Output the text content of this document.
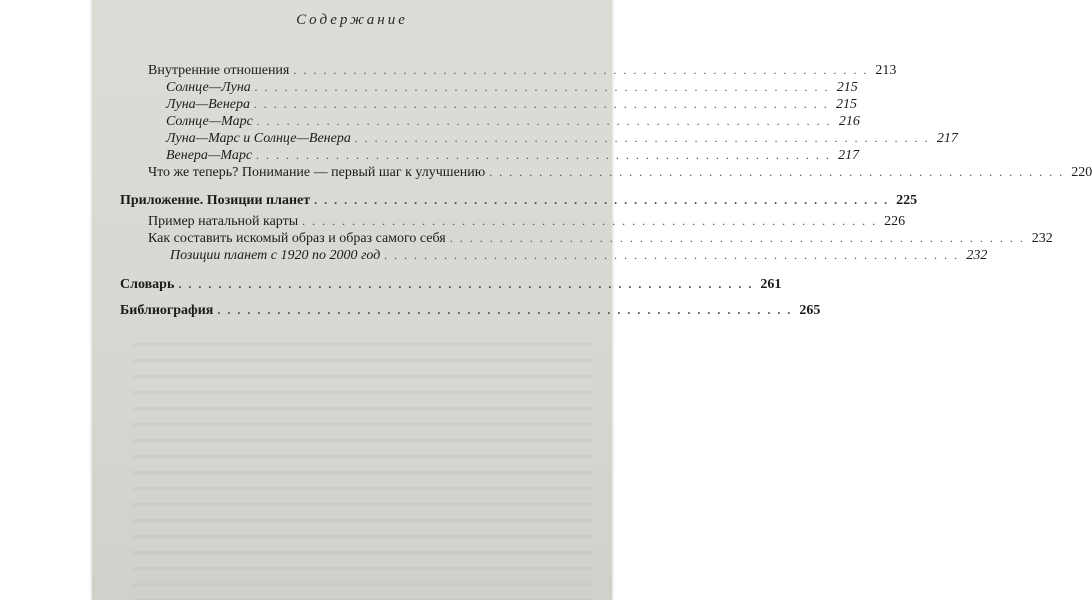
Содержание
Внутренние отношения . . . . . . . . . . . . . . . . . . . . . . . . . . . . . . . . . . . . . . . . . . . . . . . . . . . . . . . . . . 213
Солнце—Луна . . . . . . . . . . . . . . . . . . . . . . . . . . . . . . . . . . . . . . . . . . . . . . . . . . . . . . . . . . 215
Луна—Венера . . . . . . . . . . . . . . . . . . . . . . . . . . . . . . . . . . . . . . . . . . . . . . . . . . . . . . . . . . 215
Солнце—Марс . . . . . . . . . . . . . . . . . . . . . . . . . . . . . . . . . . . . . . . . . . . . . . . . . . . . . . . . . . 216
Луна—Марс и Солнце—Венера . . . . . . . . . . . . . . . . . . . . . . . . . . . . . . . . . . . . . . . . . . . . . . . . . . . . . . . . . . 217
Венера—Марс . . . . . . . . . . . . . . . . . . . . . . . . . . . . . . . . . . . . . . . . . . . . . . . . . . . . . . . . . . 217
Что же теперь? Понимание — первый шаг к улучшению . . . . . . . . . . . . . . . . . . . . . . . . . . . . . . . . . . . . . . . . . . . . . . . . . . . . . . . . . . 220
Приложение. Позиции планет . . . . . . . . . . . . . . . . . . . . . . . . . . . . . . . . . . . . . . . . . . . . . . . . . . . . . . . . . . 225
Пример натальной карты . . . . . . . . . . . . . . . . . . . . . . . . . . . . . . . . . . . . . . . . . . . . . . . . . . . . . . . . . . 226
Как составить искомый образ и образ самого себя . . . . . . . . . . . . . . . . . . . . . . . . . . . . . . . . . . . . . . . . . . . . . . . . . . . . . . . . . . 232
Позиции планет с 1920 по 2000 год . . . . . . . . . . . . . . . . . . . . . . . . . . . . . . . . . . . . . . . . . . . . . . . . . . . . . . . . . . 232
Словарь . . . . . . . . . . . . . . . . . . . . . . . . . . . . . . . . . . . . . . . . . . . . . . . . . . . . . . . . . . 261
Библиография . . . . . . . . . . . . . . . . . . . . . . . . . . . . . . . . . . . . . . . . . . . . . . . . . . . . . . . . . . 265
